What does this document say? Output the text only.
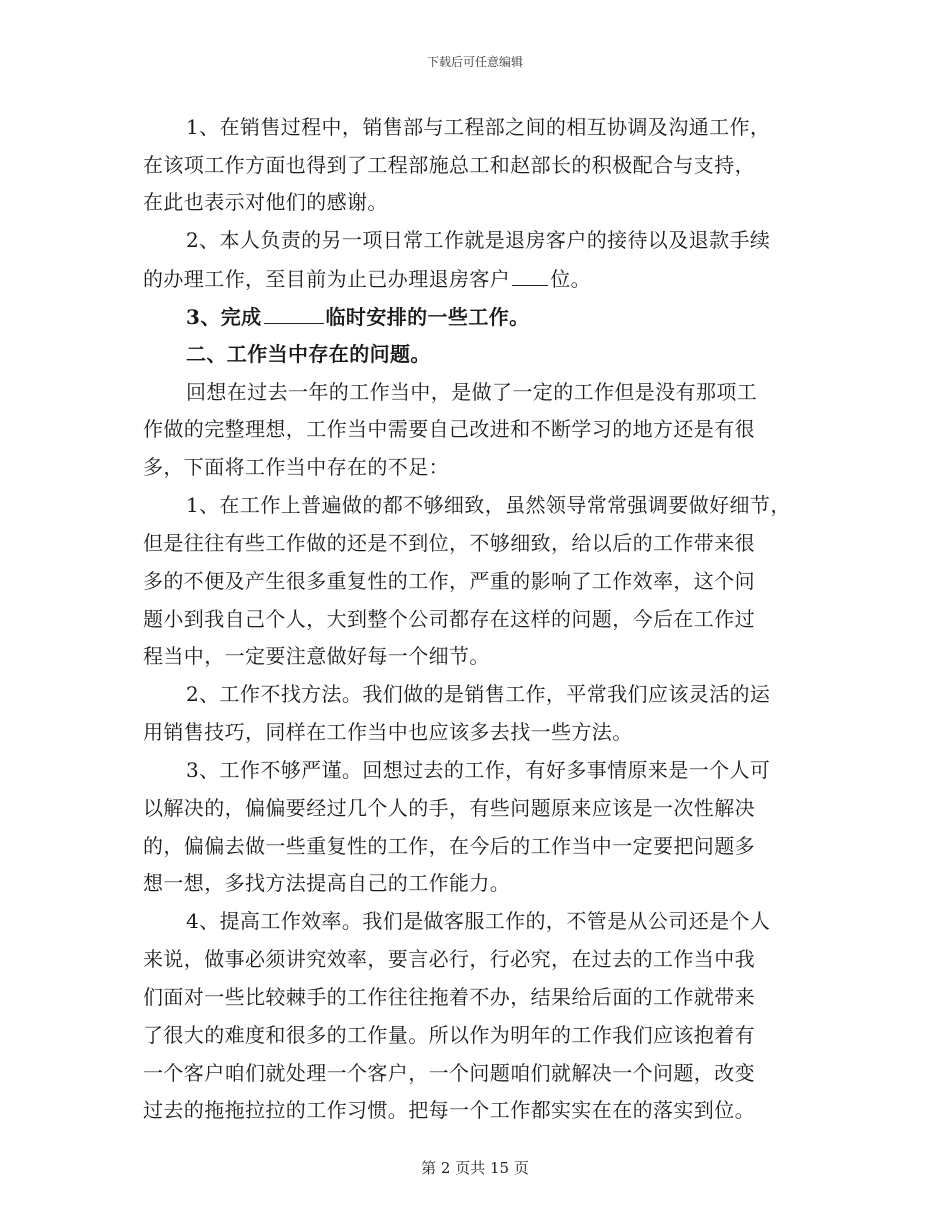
下载后可任意编辑
1、在销售过程中，销售部与工程部之间的相互协调及沟通工作，
在该项工作方面也得到了工程部施总工和赵部长的积极配合与支持，
在此也表示对他们的感谢。
2、本人负责的另一项日常工作就是退房客户的接待以及退款手续
的办理工作，至目前为止已办理退房客户 位。
3、完成	临时安排的一些工作。
二、工作当中存在的问题。
回想在过去一年的工作当中，是做了一定的工作但是没有那项工
作做的完整理想，工作当中需要自己改进和不断学习的地方还是有很
多，下面将工作当中存在的不足：
1、在工作上普遍做的都不够细致，虽然领导常常强调要做好细节，
但是往往有些工作做的还是不到位，不够细致，给以后的工作带来很
多的不便及产生很多重复性的工作，严重的影响了工作效率，这个问
题小到我自己个人，大到整个公司都存在这样的问题，今后在工作过
程当中，一定要注意做好每一个细节。
2、工作不找方法。我们做的是销售工作，平常我们应该灵活的运
用销售技巧，同样在工作当中也应该多去找一些方法。
3、工作不够严谨。回想过去的工作，有好多事情原来是一个人可
以解决的，偏偏要经过几个人的手，有些问题原来应该是一次性解决
的，偏偏去做一些重复性的工作，在今后的工作当中一定要把问题多
想一想，多找方法提高自己的工作能力。
4、提高工作效率。我们是做客服工作的，不管是从公司还是个人
来说，做事必须讲究效率，要言必行，行必究，在过去的工作当中我
们面对一些比较棘手的工作往往拖着不办，结果给后面的工作就带来
了很大的难度和很多的工作量。所以作为明年的工作我们应该抱着有
一个客户咱们就处理一个客户，一个问题咱们就解决一个问题，改变
过去的拖拖拉拉的工作习惯。把每一个工作都实实在在的落实到位。
第 2 页共 15 页
